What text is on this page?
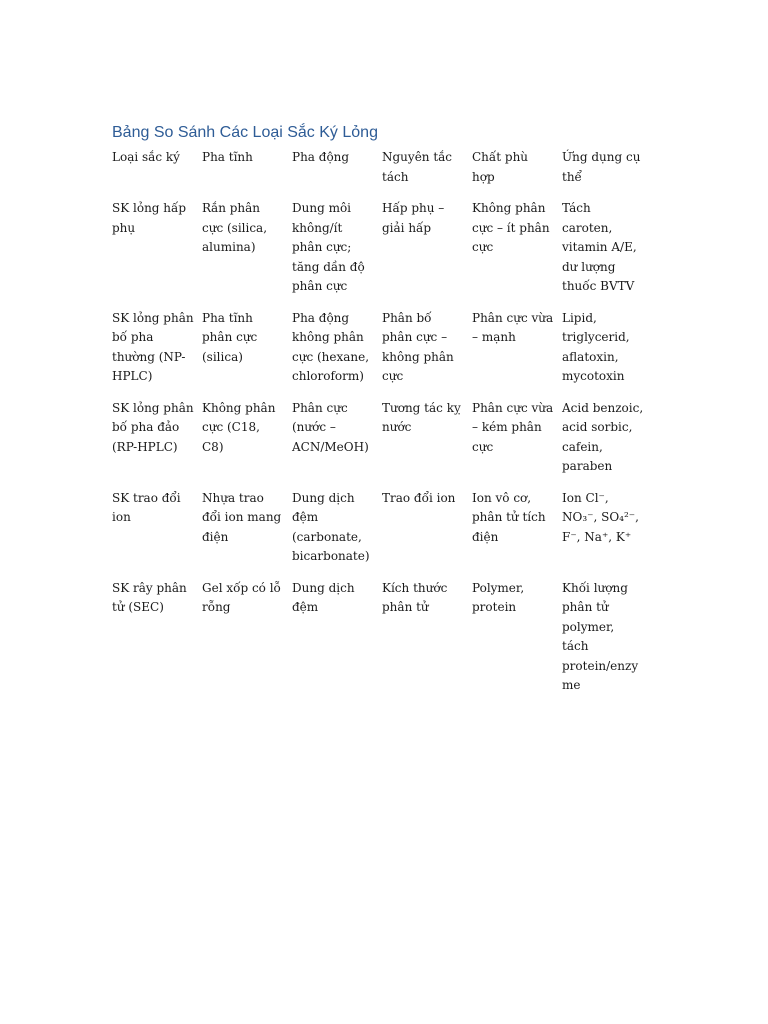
Bảng So Sánh Các Loại Sắc Ký Lỏng
Loại sắc ký	Pha tĩnh	Pha động	Nguyên tắc tách	Chất phù hợp	Ứng dụng cụ thể
SK lỏng hấp phụ	Rắn phân cực (silica, alumina)	Dung môi không/ít phân cực; tăng dần độ phân cực	Hấp phụ – giải hấp	Không phân cực – ít phân cực	Tách caroten, vitamin A/E, dư lượng thuốc BVTV
SK lỏng phân bố pha thường (NP-HPLC)	Pha tĩnh phân cực (silica)	Pha động không phân cực (hexane, chloroform)	Phân bố phân cực – không phân cực	Phân cực vừa – mạnh	Lipid, triglycerid, aflatoxin, mycotoxin
SK lỏng phân bố pha đảo (RP-HPLC)	Không phân cực (C18, C8)	Phân cực (nước – ACN/MeOH)	Tương tác kỵ nước	Phân cực vừa – kém phân cực	Acid benzoic, acid sorbic, cafein, paraben
SK trao đổi ion	Nhựa trao đổi ion mang điện	Dung dịch đệm (carbonate, bicarbonate)	Trao đổi ion	Ion vô cơ, phân tử tích điện	Ion Cl⁻, NO₃⁻, SO₄²⁻, F⁻, Na⁺, K⁺
SK rây phân tử (SEC)	Gel xốp có lỗ rỗng	Dung dịch đệm	Kích thước phân tử	Polymer, protein	Khối lượng phân tử polymer, tách protein/enzyme
